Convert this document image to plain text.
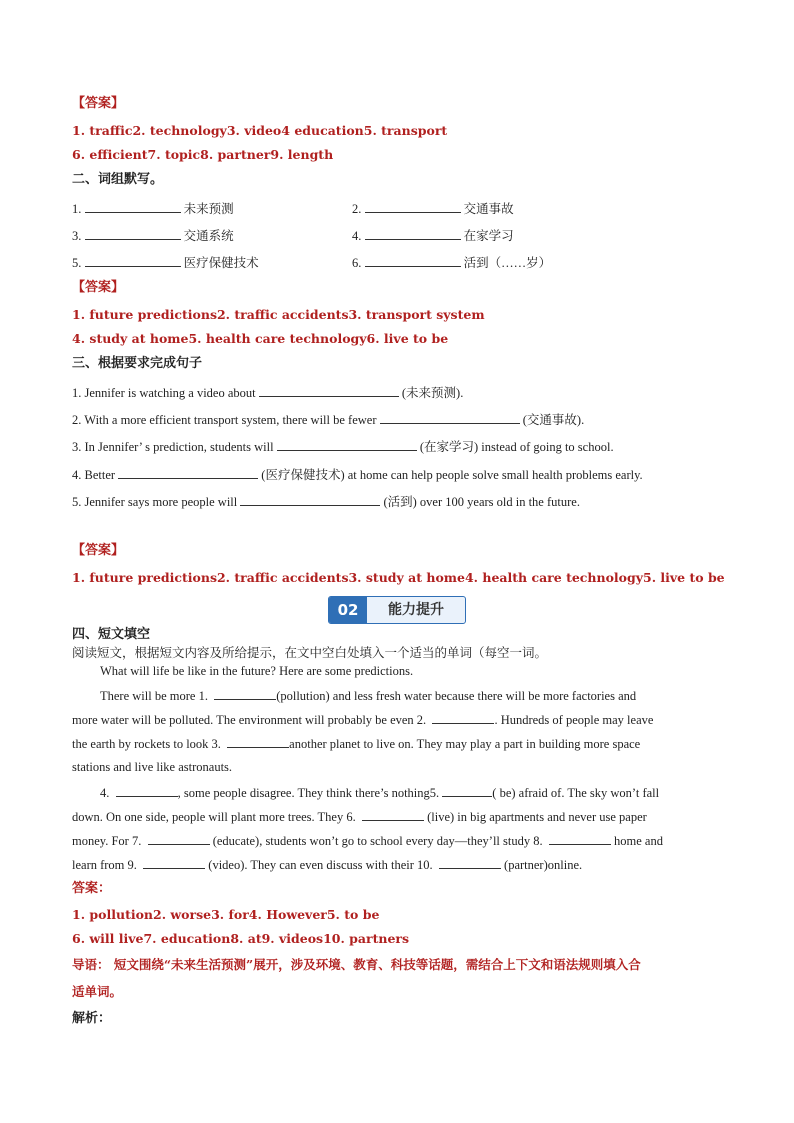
【答案】
1. traffic2. technology3. video4 education5. transport
6. efficient7. topic8. partner9. length
二、词组默写。
1.	未来预测	2.	交通事故
3.	交通系统	4.	在家学习
5.	医疗保健技术	6.	活到（……岁）
【答案】
1. future predictions2. traffic accidents3. transport system
4. study at home5. health care technology6. live to be
三、根据要求完成句子
1. Jennifer is watching a video about	(未来预测).
2. With a more efficient transport system, there will be fewer	(交通事故).
3. In Jennifer’ s prediction, students will	(在家学习) instead of going to school.
4. Better	(医疗保健技术) at home can help people solve small health problems early.
5. Jennifer says more people will	(活到) over 100 years old in the future.
【答案】
1. future predictions2. traffic accidents3. study at home4. health care technology5. live to be
02	能力提升
四、短文填空
阅读短文，根据短文内容及所给提示，在文中空白处填入一个适当的单词（每空一词。
What will life be like in the future? Here are some predictions.
There will be more 1.	(pollution) and less fresh water because there will be more factories and
more water will be polluted. The environment will probably be even 2.	. Hundreds of people may leave
the earth by rockets to look 3.	another planet to live on. They may play a part in building more space
stations and live like astronauts.
4.	, some people disagree. They think there’s nothing5.	( be) afraid of. The sky won’t fall
down. On one side, people will plant more trees. They 6.	(live) in big apartments and never use paper
money. For 7.	(educate), students won’t go to school every day—they’ll study 8.	home and
learn from 9.	(video). They can even discuss with their 10.	(partner)online.
答案：
1. pollution2. worse3. for4. However5. to be
6. will live7. education8. at9. videos10. partners
导语： 短文围绕“未来生活预测”展开，涉及环境、教育、科技等话题，需结合上下文和语法规则填入合
适单词。
解析：
